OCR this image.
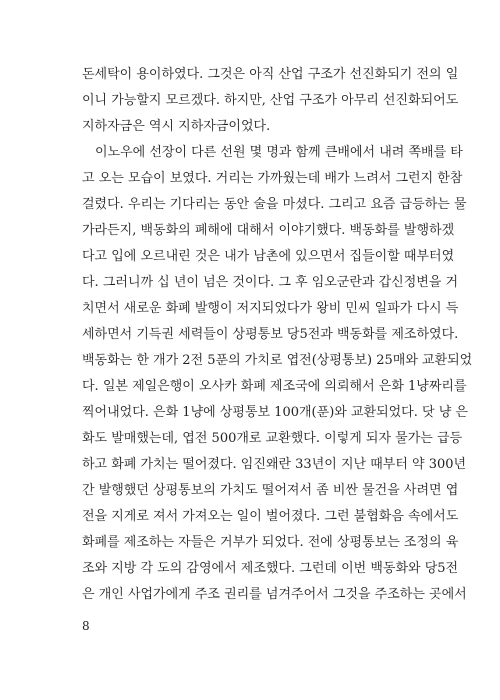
돈세탁이 용이하였다. 그것은 아직 산업 구조가 선진화되기 전의 일
이니 가능할지 모르겠다. 하지만, 산업 구조가 아무리 선진화되어도
지하자금은 역시 지하자금이었다.
이노우에 선장이 다른 선원 몇 명과 함께 큰배에서 내려 쪽배를 타
고 오는 모습이 보였다. 거리는 가까웠는데 배가 느려서 그런지 한참
걸렸다. 우리는 기다리는 동안 술을 마셨다. 그리고 요즘 급등하는 물
가라든지, 백동화의 폐해에 대해서 이야기했다. 백동화를 발행하겠
다고 입에 오르내린 것은 내가 남촌에 있으면서 집들이할 때부터였
다. 그러니까 십 년이 넘은 것이다. 그 후 임오군란과 갑신정변을 거
치면서 새로운 화폐 발행이 저지되었다가 왕비 민씨 일파가 다시 득
세하면서 기득권 세력들이 상평통보 당5전과 백동화를 제조하였다.
백동화는 한 개가 2전 5푼의 가치로 엽전(상평통보) 25매와 교환되었
다. 일본 제일은행이 오사카 화폐 제조국에 의뢰해서 은화 1냥짜리를
찍어내었다. 은화 1냥에 상평통보 100개(푼)와 교환되었다. 닷 냥 은
화도 발매했는데, 엽전 500개로 교환했다. 이렇게 되자 물가는 급등
하고 화폐 가치는 떨어졌다. 임진왜란 33년이 지난 때부터 약 300년
간 발행했던 상평통보의 가치도 떨어져서 좀 비싼 물건을 사려면 엽
전을 지게로 져서 가져오는 일이 벌어졌다. 그런 불협화음 속에서도
화폐를 제조하는 자들은 거부가 되었다. 전에 상평통보는 조정의 육
조와 지방 각 도의 감영에서 제조했다. 그런데 이번 백동화와 당5전
은 개인 사업가에게 주조 권리를 넘겨주어서 그것을 주조하는 곳에서
8
